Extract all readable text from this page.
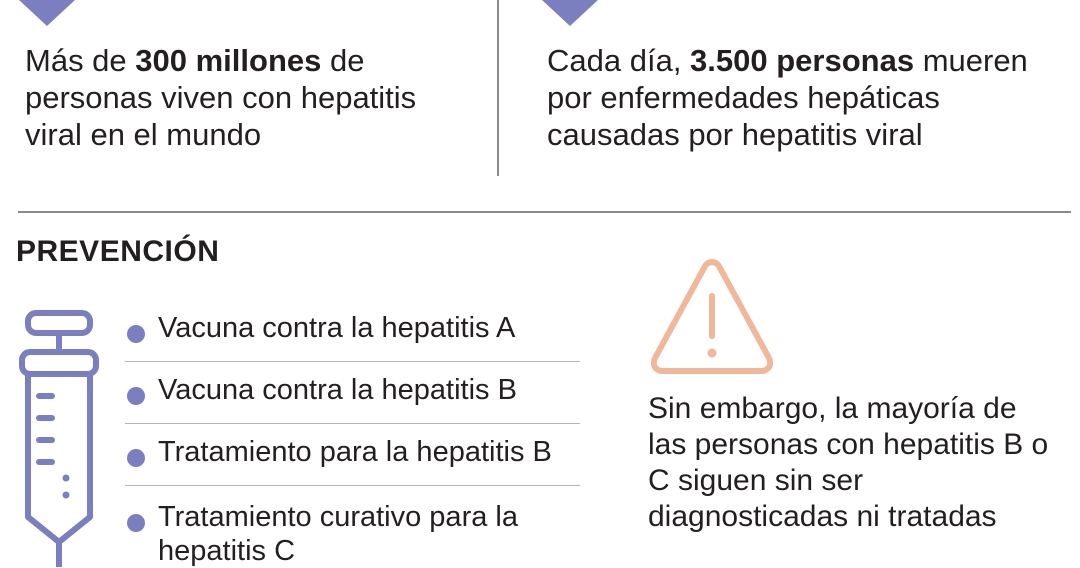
Más de 300 millones de personas viven con hepatitis viral en el mundo
Cada día, 3.500 personas mueren por enfermedades hepáticas causadas por hepatitis viral
PREVENCIÓN
Vacuna contra la hepatitis A
Vacuna contra la hepatitis B
Tratamiento para la hepatitis B
Tratamiento curativo para la hepatitis C
Sin embargo, la mayoría de las personas con hepatitis B o C siguen sin ser diagnosticadas ni tratadas
